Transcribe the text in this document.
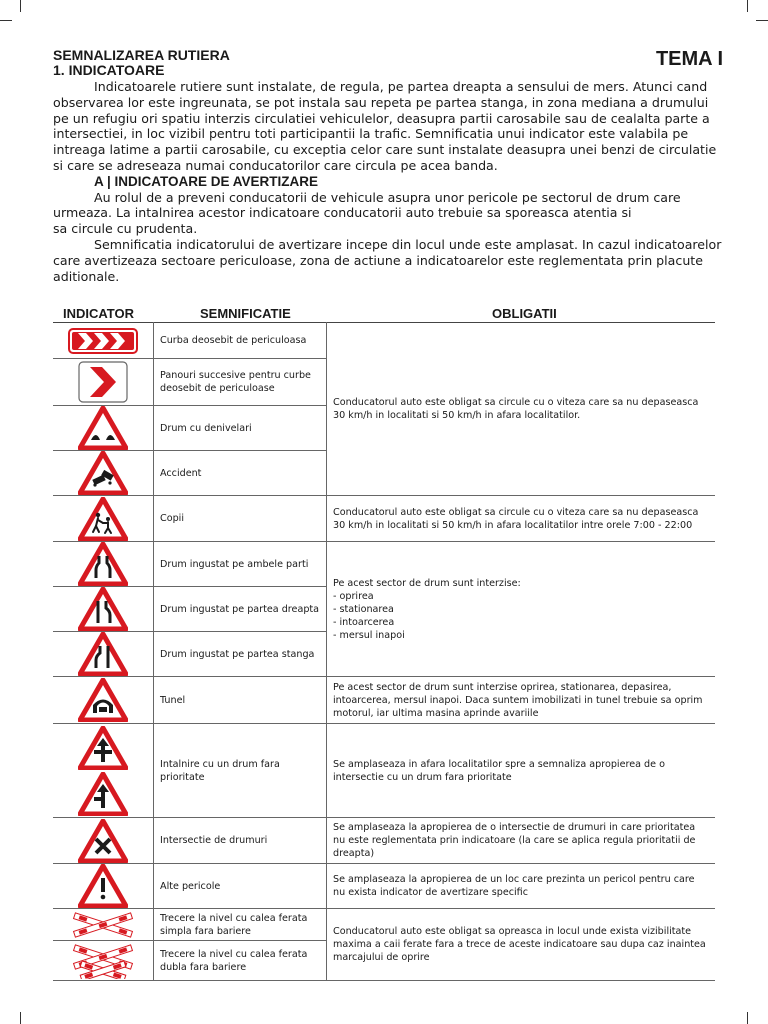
SEMNALIZAREA RUTIERA
1. INDICATOARE	TEMA I

Indicatoarele rutiere sunt instalate, de regula, pe partea dreapta a sensului de mers. Atunci cand observarea lor este ingreunata, se pot instala sau repeta pe partea stanga, in zona mediana a drumului pe un refugiu ori spatiu interzis circulatiei vehiculelor, deasupra partii carosabile sau de cealalta parte a intersectiei, in loc vizibil pentru toti participantii la trafic. Semnificatia unui indicator este valabila pe intreaga latime a partii carosabile, cu exceptia celor care sunt instalate deasupra unei benzi de circulatie si care se adreseaza numai conducatorilor care circula pe acea banda.

A | INDICATOARE DE AVERTIZARE

Au rolul de a preveni conducatorii de vehicule asupra unor pericole pe sectorul de drum care urmeaza. La intalnirea acestor indicatoare conducatorii auto trebuie sa sporeasca atentia si

sa circule cu prudenta.

Semnificatia indicatorului de avertizare incepe din locul unde este amplasat. In cazul indicatoarelor care avertizeaza sectoare periculoase, zona de actiune a indicatoarelor este reglementata prin placute aditionale.

INDICATOR	SEMNIFICATIE	OBLIGATII
	Curba deosebit de periculoasa	Conducatorul auto este obligat sa circule cu o viteza care sa nu depaseasca 30 km/h in localitati si 50 km/h in afara localitatilor.

	Panouri succesive pentru curbe deosebit de periculoase	

	Drum cu denivelari	

	Accident	

	Copii	Conducatorul auto este obligat sa circule cu o viteza care sa nu depaseasca 30 km/h in localitati si 50 km/h in afara localitatilor intre orele 7:00 - 22:00

	Drum ingustat pe ambele parti	Pe acest sector de drum sunt interzise:
- oprirea
- stationarea
- intoarcerea
- mersul inapoi

	Drum ingustat pe partea dreapta	

	Drum ingustat pe partea stanga	

	Tunel	Pe acest sector de drum sunt interzise oprirea, stationarea, depasirea, intoarcerea, mersul inapoi. Daca suntem imobilizati in tunel trebuie sa oprim motorul, iar ultima masina aprinde avariile

	Intalnire cu un drum fara prioritate	Se amplaseaza in afara localitatilor spre a semnaliza apropierea de o intersectie cu un drum fara prioritate

	Intersectie de drumuri	Se amplaseaza la apropierea de o intersectie de drumuri in care prioritatea nu este reglementata prin indicatoare (la care se aplica regula prioritatii de dreapta)

	Alte pericole	Se amplaseaza la apropierea de un loc care prezinta un pericol pentru care nu exista indicator de avertizare specific

	Trecere la nivel cu calea ferata simpla fara bariere	Conducatorul auto este obligat sa opreasca in locul unde exista vizibilitate maxima a caii ferate fara a trece de aceste indicatoare sau dupa caz inaintea marcajului de oprire

	Trecere la nivel cu calea ferata dubla fara bariere	
